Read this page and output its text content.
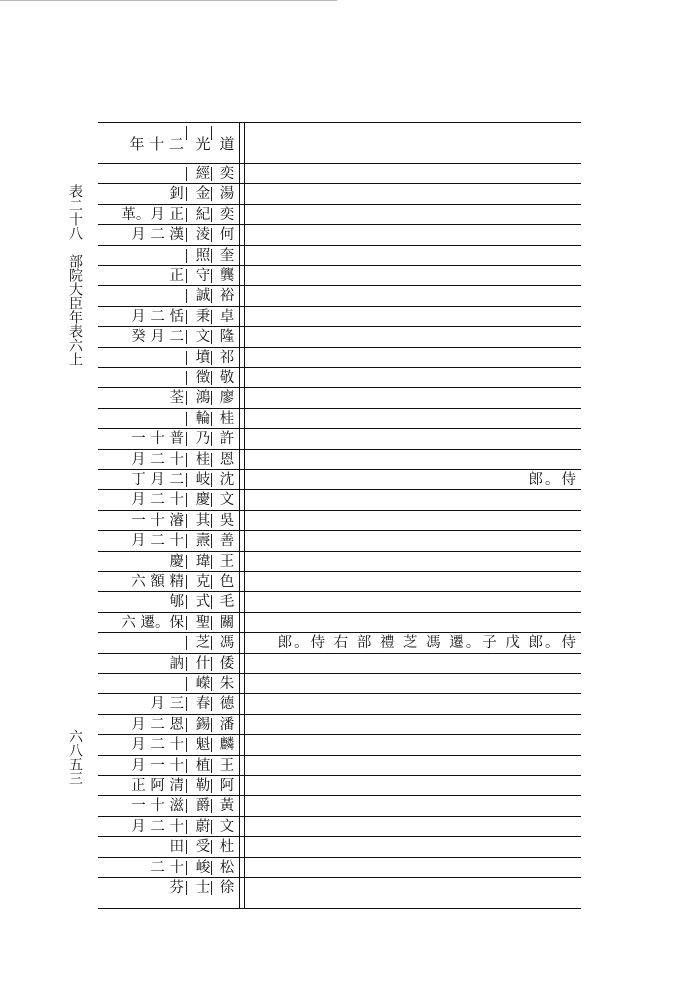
表二十八　部院大臣年表六上
六八五三
年 十 二 光 道
經 奕
釗 金 湯
革。月 正 紀 奕
月 二 漢 淩 何
照 奎
正 守 龔
誠 裕
月 二 恬 秉 卓
癸 月 二 文 隆
墳 祁
徵 敬
荃 鴻 廖
輪 桂
一 十 普 乃 許
月 二 十 桂 恩
丁 月 二 岐 沈	郎。侍
月 二 十 慶 文
一 十 濬 其 吳
月 二 十 燾 善
慶 瑋 王
六 額 精 克 色
郇 式 毛
六 遷。保 聖 關
芝 馮	郎。侍 右 部 禮 芝 馮 遷。子 戊 郎。侍
訥 什 倭
嶸 朱
月 三 春 德
月 二 恩 錫 潘
月 二 十 魁 麟
月 一 十 植 王
正 阿 清 勒 阿
一 十 滋 爵 黃
月 二 十 蔚 文
田 受 杜
二 十 峻 松
芬 士 徐
